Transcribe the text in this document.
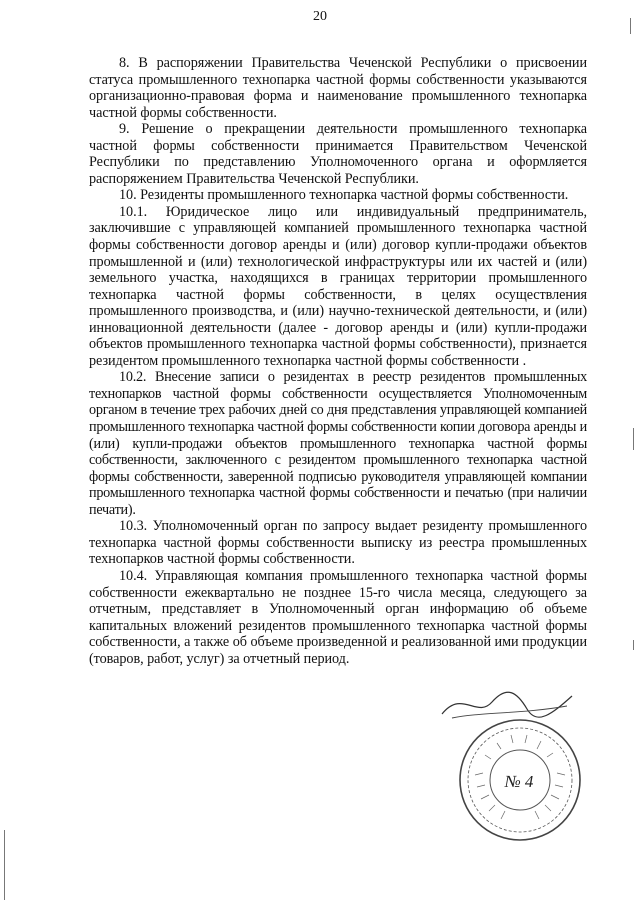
20

8. В распоряжении Правительства Чеченской Республики о присвоении статуса промышленного технопарка частной формы собственности указываются организационно-правовая форма и наименование промышленного технопарка частной формы собственности.

9. Решение о прекращении деятельности промышленного технопарка частной формы собственности принимается Правительством Чеченской Республики по представлению Уполномоченного органа и оформляется распоряжением Правительства Чеченской Республики.

10. Резиденты промышленного технопарка частной формы собственности.

10.1. Юридическое лицо или индивидуальный предприниматель, заключившие с управляющей компанией промышленного технопарка частной формы собственности договор аренды и (или) договор купли-продажи объектов промышленной и (или) технологической инфраструктуры или их частей и (или) земельного участка, находящихся в границах территории промышленного технопарка частной формы собственности, в целях осуществления промышленного производства, и (или) научно-технической деятельности, и (или) инновационной деятельности (далее - договор аренды и (или) купли-продажи объектов промышленного технопарка частной формы собственности), признается резидентом промышленного технопарка частной формы собственности .

10.2. Внесение записи о резидентах в реестр резидентов промышленных технопарков частной формы собственности осуществляется Уполномоченным органом в течение трех рабочих дней со дня представления управляющей компанией промышленного технопарка частной формы собственности копии договора аренды и (или) купли-продажи объектов промышленного технопарка частной формы собственности, заключенного с резидентом промышленного технопарка частной формы собственности, заверенной подписью руководителя управляющей компании промышленного технопарка частной формы собственности и печатью (при наличии печати).

10.3. Уполномоченный орган по запросу выдает резиденту промышленного технопарка частной формы собственности выписку из реестра промышленных технопарков частной формы собственности.

10.4. Управляющая компания промышленного технопарка частной формы собственности ежеквартально не позднее 15-го числа месяца, следующего за отчетным, представляет в Уполномоченный орган информацию об объеме капитальных вложений резидентов промышленного технопарка частной формы собственности, а также об объеме произведенной и реализованной ими продукции (товаров, работ, услуг) за отчетный период.

№ 4
